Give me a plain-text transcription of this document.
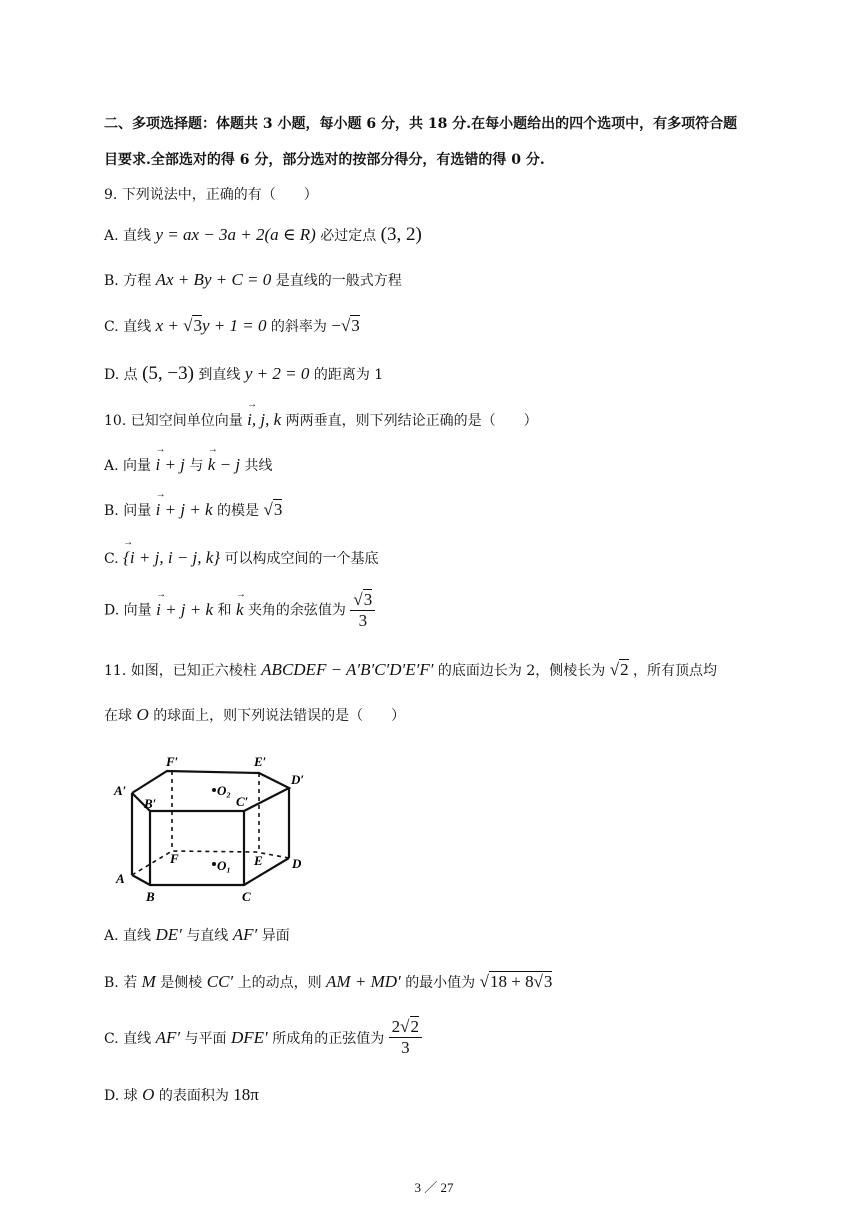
二、多项选择题：体题共 3 小题，每小题 6 分，共 18 分.在每小题给出的四个选项中，有多项符合题
目要求.全部选对的得 6 分，部分选对的按部分得分，有选错的得 0 分.
9. 下列说法中，正确的有（　　）
A. 直线 y = ax − 3a + 2(a ∈ R) 必过定点 (3, 2)
B. 方程 Ax + By + C = 0 是直线的一般式方程
C. 直线 x + √3y + 1 = 0 的斜率为 −√3
D. 点 (5, −3) 到直线 y + 2 = 0 的距离为 1
10. 已知空间单位向量 → i, j, k 两两垂直，则下列结论正确的是（　　）
A. 向量 → i + j 与 → k − j 共线
B. 问量 → i + j + k 的模是 √3
C. → {i + j, i − j, k} 可以构成空间的一个基底
D. 向量 → i + j + k 和 → k 夹角的余弦值为 $\frac{√3}{3}$
11. 如图，已知正六棱柱 ABCDEF − A′B′C′D′E′F′ 的底面边长为 2，侧棱长为 √2 ，所有顶点均
在球 O 的球面上，则下列说法错误的是（　　）
A′
B′	C′
D′
E′
F′
A
B	C
D
E
F	O₁
O₂
A. 直线 DE′ 与直线 AF′ 异面
B. 若 M 是侧棱 CC′ 上的动点，则 AM + MD′ 的最小值为 √18 + 8√3
C. 直线 AF′ 与平面 DFE′ 所成角的正弦值为 $\frac{2√2}{3}$
D. 球 O 的表面积为 18π
3 ／ 27
